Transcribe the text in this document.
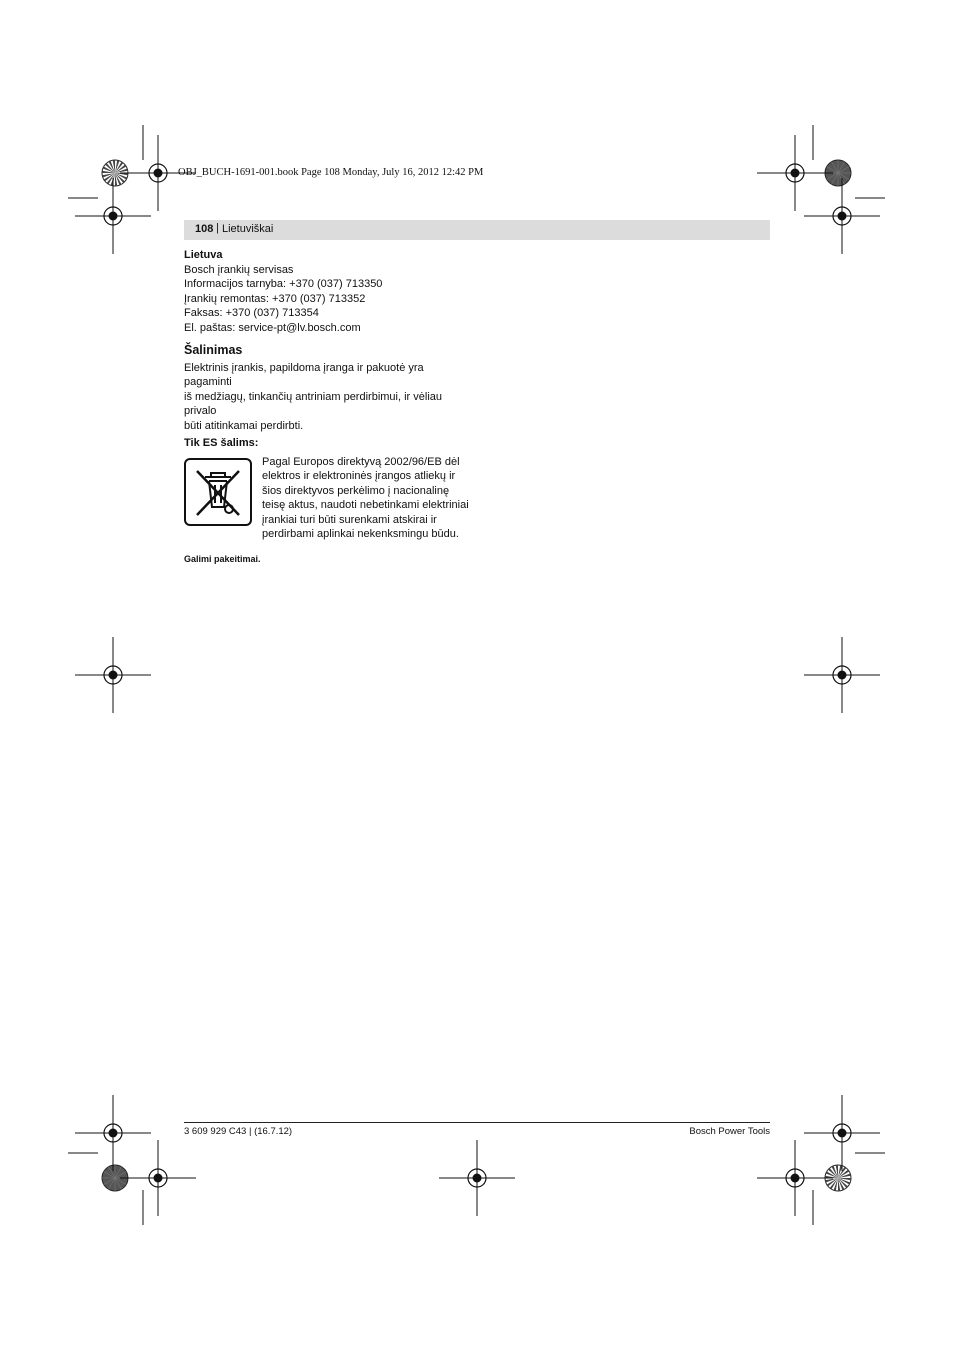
OBJ_BUCH-1691-001.book Page 108 Monday, July 16, 2012 12:42 PM
108 | Lietuviškai

Lietuva

Bosch įrankių servisas

Informacijos tarnyba: +370 (037) 713350

Įrankių remontas: +370 (037) 713352

Faksas: +370 (037) 713354

El. paštas: service-pt@lv.bosch.com

Šalinimas

Elektrinis įrankis, papildoma įranga ir pakuotė yra pagaminti

iš medžiagų, tinkančių antriniam perdirbimui, ir vėliau privalo

būti atitinkamai perdirbti.

Tik ES šalims:

Pagal Europos direktyvą 2002/96/EB dėl

elektros ir elektroninės įrangos atliekų ir

šios direktyvos perkėlimo į nacionalinę

teisę aktus, naudoti nebetinkami elektriniai

įrankiai turi būti surenkami atskirai ir

perdirbami aplinkai nekenksmingu būdu.

Galimi pakeitimai.

3 609 929 C43 | (16.7.12)	Bosch Power Tools
